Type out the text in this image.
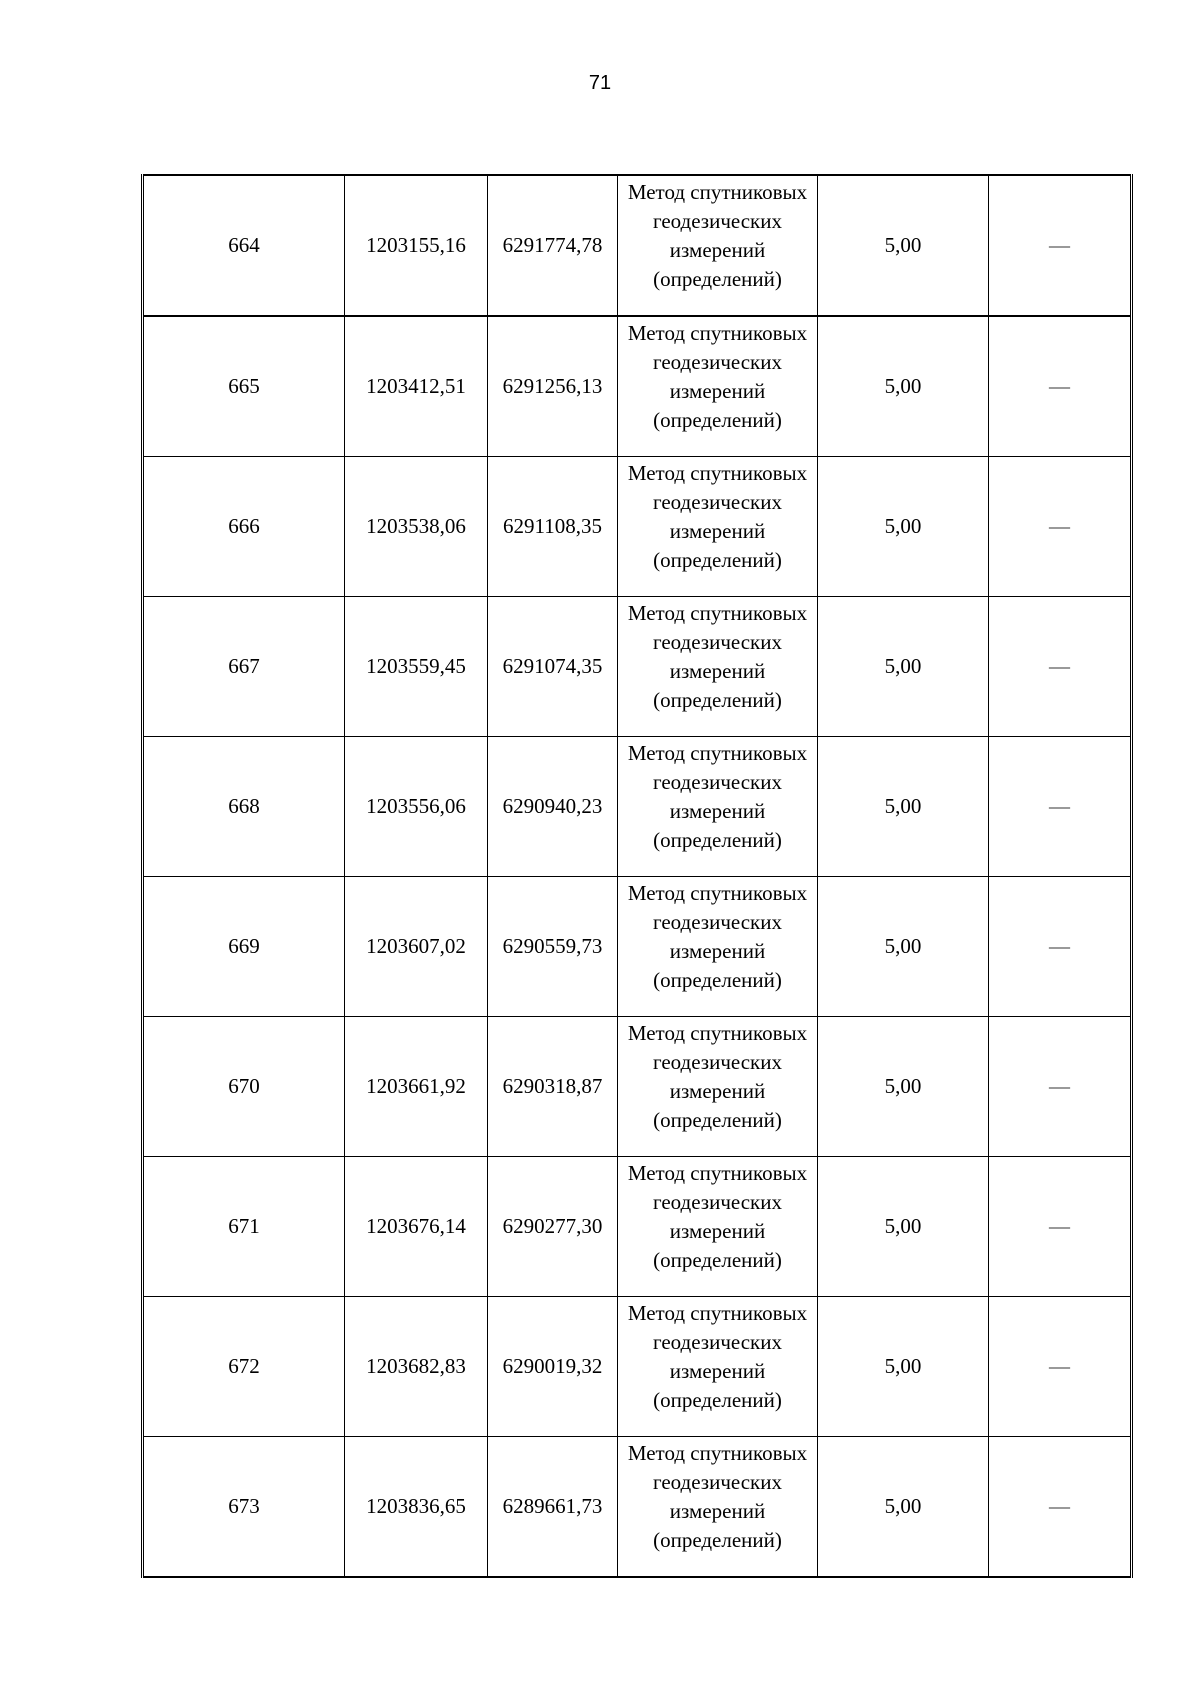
71
664	1203155,16	6291774,78	Метод спутниковых
геодезических
измерений
(определений)	5,00	—
665	1203412,51	6291256,13	Метод спутниковых
геодезических
измерений
(определений)	5,00	—
666	1203538,06	6291108,35	Метод спутниковых
геодезических
измерений
(определений)	5,00	—
667	1203559,45	6291074,35	Метод спутниковых
геодезических
измерений
(определений)	5,00	—
668	1203556,06	6290940,23	Метод спутниковых
геодезических
измерений
(определений)	5,00	—
669	1203607,02	6290559,73	Метод спутниковых
геодезических
измерений
(определений)	5,00	—
670	1203661,92	6290318,87	Метод спутниковых
геодезических
измерений
(определений)	5,00	—
671	1203676,14	6290277,30	Метод спутниковых
геодезических
измерений
(определений)	5,00	—
672	1203682,83	6290019,32	Метод спутниковых
геодезических
измерений
(определений)	5,00	—
673	1203836,65	6289661,73	Метод спутниковых
геодезических
измерений
(определений)	5,00	—
